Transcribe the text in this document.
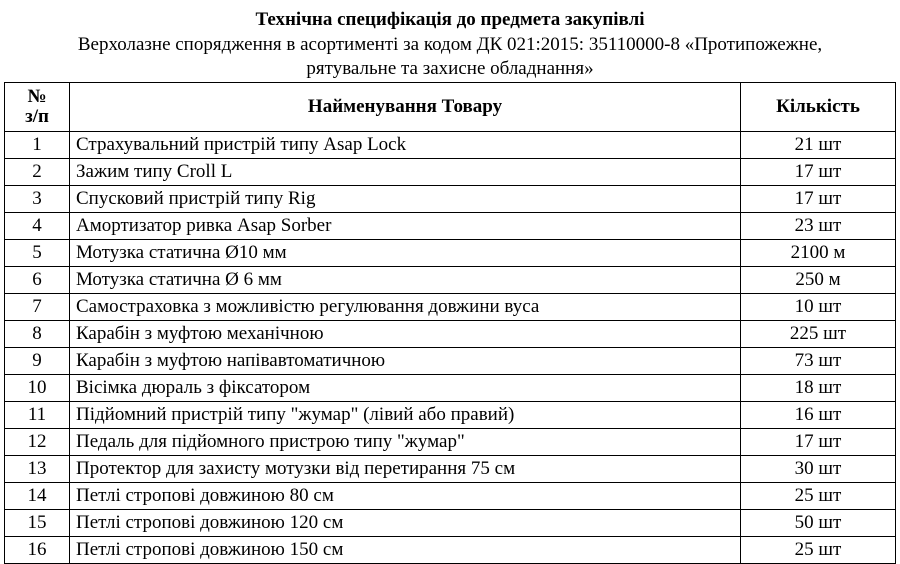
Технічна специфікація до предмета закупівлі
Верхолазне спорядження в асортименті за кодом ДК 021:2015: 35110000-8 «Протипожежне,
рятувальне та захисне обладнання»
№
з/п	Найменування Товару	Кількість
1	Страхувальний пристрій типу Asap Lock	21 шт
2	Зажим типу Croll L	17 шт
3	Спусковий пристрій типу Rig	17 шт
4	Амортизатор ривка Asap Sorber	23 шт
5	Мотузка статична Ø10 мм	2100 м
6	Мотузка статична Ø 6 мм	250 м
7	Самостраховка з можливістю регулювання довжини вуса	10 шт
8	Карабін з муфтою механічною	225 шт
9	Карабін з муфтою напівавтоматичною	73 шт
10	Вісімка дюраль з фіксатором	18 шт
11	Підйомний пристрій типу "жумар" (лівий або правий)	16 шт
12	Педаль для підйомного пристрою типу "жумар"	17 шт
13	Протектор для захисту мотузки від перетирання 75 см	30 шт
14	Петлі стропові довжиною 80 см	25 шт
15	Петлі стропові довжиною 120 см	50 шт
16	Петлі стропові довжиною 150 см	25 шт
